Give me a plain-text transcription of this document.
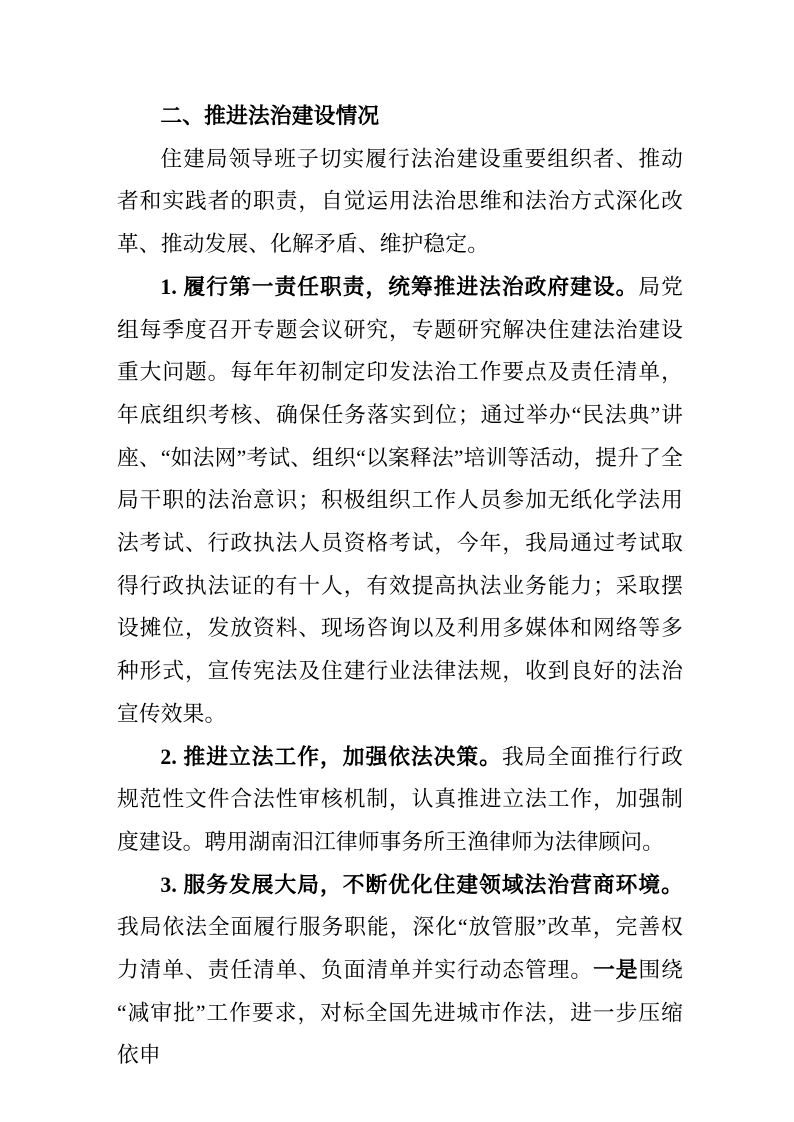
二、推进法治建设情况

住建局领导班子切实履行法治建设重要组织者、推动者和实践者的职责，自觉运用法治思维和法治方式深化改革、推动发展、化解矛盾、维护稳定。

1. 履行第一责任职责，统筹推进法治政府建设。局党组每季度召开专题会议研究，专题研究解决住建法治建设重大问题。每年年初制定印发法治工作要点及责任清单，年底组织考核、确保任务落实到位；通过举办“民法典”讲座、“如法网”考试、组织“以案释法”培训等活动，提升了全局干职的法治意识；积极组织工作人员参加无纸化学法用法考试、行政执法人员资格考试，今年，我局通过考试取得行政执法证的有十人，有效提高执法业务能力；采取摆设摊位，发放资料、现场咨询以及利用多媒体和网络等多种形式，宣传宪法及住建行业法律法规，收到良好的法治宣传效果。

2. 推进立法工作，加强依法决策。我局全面推行行政规范性文件合法性审核机制，认真推进立法工作，加强制度建设。聘用湖南汨江律师事务所王渔律师为法律顾问。

3. 服务发展大局，不断优化住建领域法治营商环境。我局依法全面履行服务职能，深化“放管服”改革，完善权力清单、责任清单、负面清单并实行动态管理。一是围绕“减审批”工作要求，对标全国先进城市作法，进一步压缩依申
